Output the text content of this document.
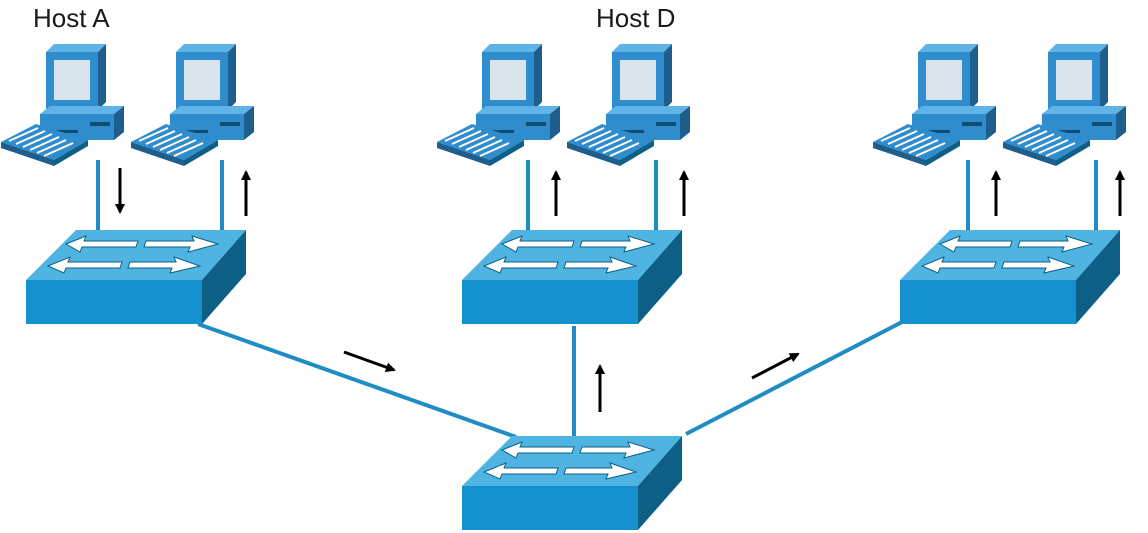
Host A	Host D
